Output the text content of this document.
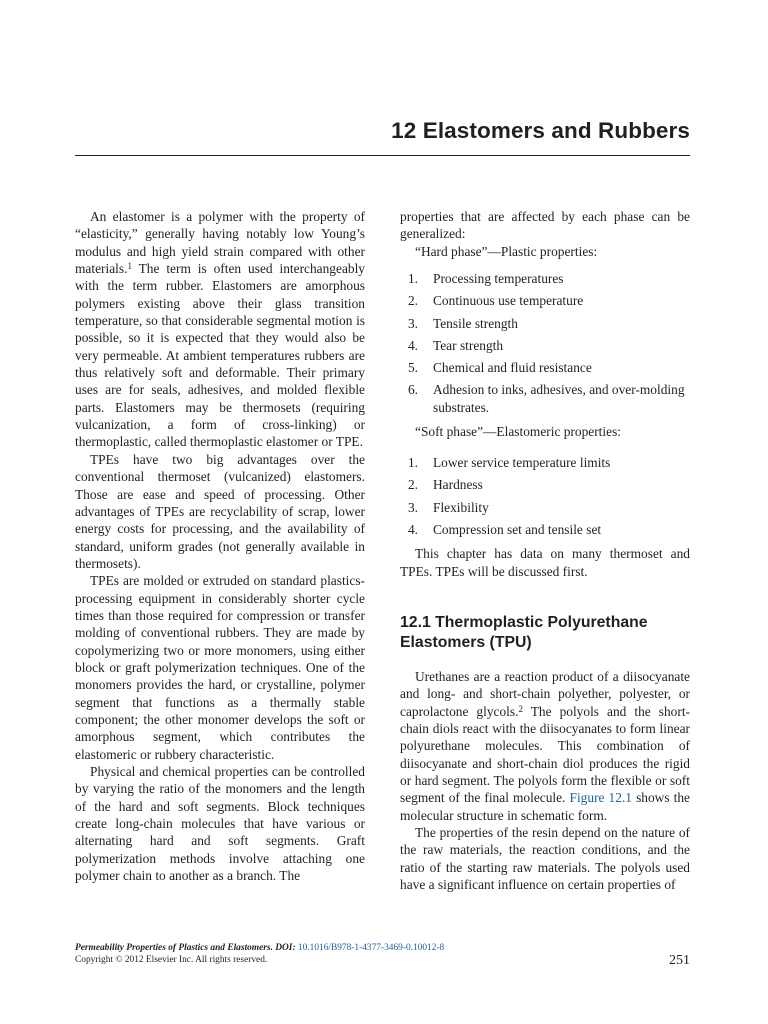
12 Elastomers and Rubbers

An elastomer is a polymer with the property of “elasticity,” generally having notably low Young’s modulus and high yield strain compared with other materials.$^1$ The term is often used interchangeably with the term rubber. Elastomers are amorphous polymers existing above their glass transition temperature, so that considerable segmental motion is possible, so it is expected that they would also be very permeable. At ambient temperatures rubbers are thus relatively soft and deformable. Their primary uses are for seals, adhesives, and molded flexible parts. Elastomers may be thermosets (requiring vulcanization, a form of cross-linking) or thermoplastic, called thermoplastic elastomer or TPE.

TPEs have two big advantages over the conventional thermoset (vulcanized) elastomers. Those are ease and speed of processing. Other advantages of TPEs are recyclability of scrap, lower energy costs for processing, and the availability of standard, uniform grades (not generally available in thermosets).

TPEs are molded or extruded on standard plastics-processing equipment in considerably shorter cycle times than those required for compression or transfer molding of conventional rubbers. They are made by copolymerizing two or more monomers, using either block or graft polymerization techniques. One of the monomers provides the hard, or crystalline, polymer segment that functions as a thermally stable component; the other monomer develops the soft or amorphous segment, which contributes the elastomeric or rubbery characteristic.

Physical and chemical properties can be controlled by varying the ratio of the monomers and the length of the hard and soft segments. Block techniques create long-chain molecules that have various or alternating hard and soft segments. Graft polymerization methods involve attaching one polymer chain to another as a branch. The

properties that are affected by each phase can be generalized:

“Hard phase”—Plastic properties:

1. Processing temperatures
2. Continuous use temperature
3. Tensile strength
4. Tear strength
5. Chemical and fluid resistance
6. Adhesion to inks, adhesives, and over-molding substrates.

“Soft phase”—Elastomeric properties:

1. Lower service temperature limits
2. Hardness
3. Flexibility
4. Compression set and tensile set

This chapter has data on many thermoset and TPEs. TPEs will be discussed first.

12.1 Thermoplastic Polyurethane Elastomers (TPU)

Urethanes are a reaction product of a diisocyanate and long- and short-chain polyether, polyester, or caprolactone glycols.$^2$ The polyols and the short-chain diols react with the diisocyanates to form linear polyurethane molecules. This combination of diisocyanate and short-chain diol produces the rigid or hard segment. The polyols form the flexible or soft segment of the final molecule. Figure 12.1 shows the molecular structure in schematic form.

The properties of the resin depend on the nature of the raw materials, the reaction conditions, and the ratio of the starting raw materials. The polyols used have a significant influence on certain properties of

Permeability Properties of Plastics and Elastomers. DOI: 10.1016/B978-1-4377-3469-0.10012-8
Copyright © 2012 Elsevier Inc. All rights reserved.	251
